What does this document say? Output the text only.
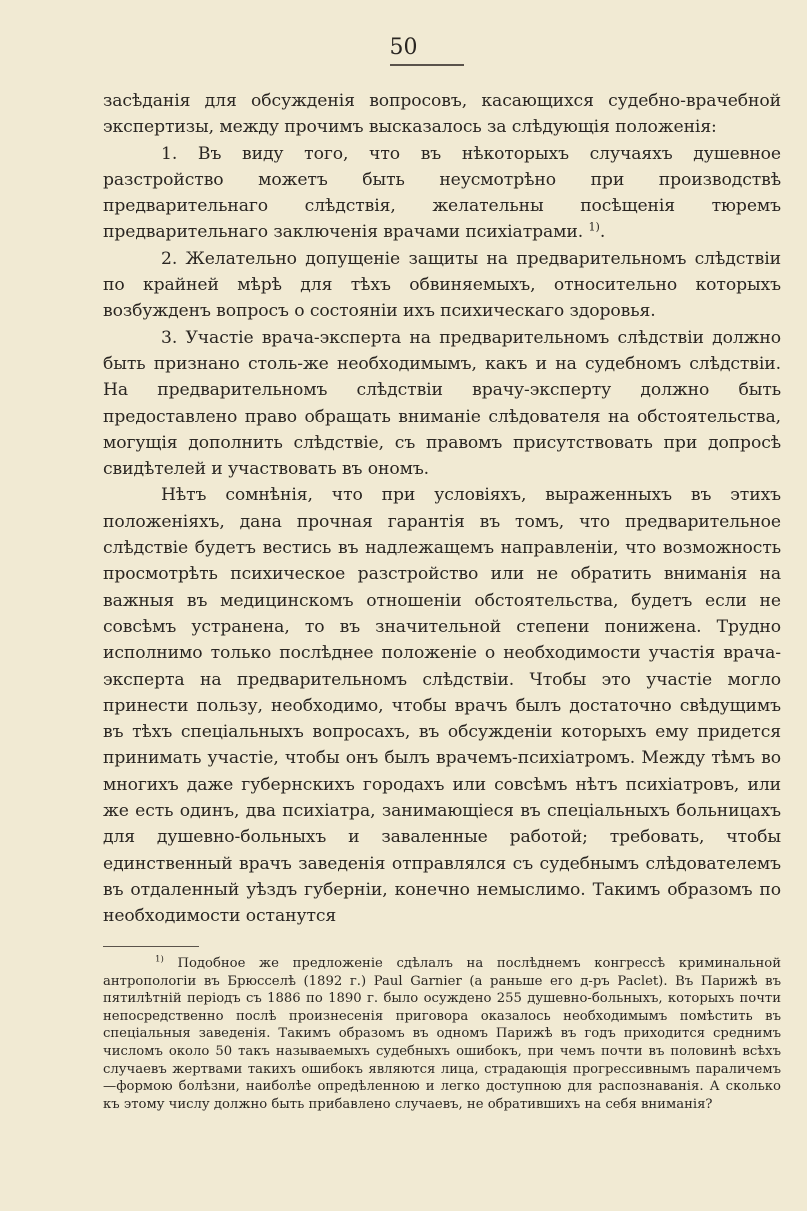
50

засѣданія для обсужденія вопросовъ, касающихся судебно-врачебной экспертизы, между прочимъ высказалось за слѣдующія положенія:

1. Въ виду того, что въ нѣкоторыхъ случаяхъ душевное разстройство можетъ быть неусмотрѣно при производствѣ предварительнаго слѣдствія, желательны посѣщенія тюремъ предварительнаго заключенія врачами психіатрами. $^{1)}$.

2. Желательно допущеніе защиты на предварительномъ слѣдствіи по крайней мѣрѣ для тѣхъ обвиняемыхъ, относительно которыхъ возбужденъ вопросъ о состояніи ихъ психическаго здоровья.

3. Участіе врача-эксперта на предварительномъ слѣдствіи должно быть признано столь-же необходимымъ, какъ и на судебномъ слѣдствіи. На предварительномъ слѣдствіи врачу-эксперту должно быть предоставлено право обращать вниманіе слѣдователя на обстоятельства, могущія дополнить слѣдствіе, съ правомъ присутствовать при допросѣ свидѣтелей и участвовать въ ономъ.

Нѣтъ сомнѣнія, что при условіяхъ, выраженныхъ въ этихъ положеніяхъ, дана прочная гарантія въ томъ, что предварительное слѣдствіе будетъ вестись въ надлежащемъ направленіи, что возможность просмотрѣть психическое разстройство или не обратить вниманія на важныя въ медицинскомъ отношеніи обстоятельства, будетъ если не совсѣмъ устранена, то въ значительной степени понижена. Трудно исполнимо только послѣднее положеніе о необходимости участія врача-эксперта на предварительномъ слѣдствіи. Чтобы это участіе могло принести пользу, необходимо, чтобы врачъ былъ достаточно свѣдущимъ въ тѣхъ спеціальныхъ вопросахъ, въ обсужденіи которыхъ ему придется принимать участіе, чтобы онъ былъ врачемъ-психіатромъ. Между тѣмъ во многихъ даже губернскихъ городахъ или совсѣмъ нѣтъ психіатровъ, или же есть одинъ, два психіатра, занимающіеся въ спеціальныхъ больницахъ для душевно-больныхъ и заваленные работой; требовать, чтобы единственный врачъ заведенія отправлялся съ судебнымъ слѣдователемъ въ отдаленный уѣздъ губерніи, конечно немыслимо. Такимъ образомъ по необходимости останутся

$^{1)}$ Подобное же предложеніе сдѣлалъ на послѣднемъ конгрессѣ криминальной антропологіи въ Брюсселѣ (1892 г.) Paul Garnier (а раньше его д-ръ Paclet). Въ Парижѣ въ пятилѣтній періодъ съ 1886 по 1890 г. было осуждено 255 душевно-больныхъ, которыхъ почти непосредственно послѣ произнесенія приговора оказалось необходимымъ помѣстить въ спеціальныя заведенія. Такимъ образомъ въ одномъ Парижѣ въ годъ приходится среднимъ числомъ около 50 такъ называемыхъ судебныхъ ошибокъ, при чемъ почти въ половинѣ всѣхъ случаевъ жертвами такихъ ошибокъ являются лица, страдающія прогрессивнымъ параличемъ—формою болѣзни, наиболѣе опредѣленною и легко доступною для распознаванія. А сколько къ этому числу должно быть прибавлено случаевъ, не обратившихъ на себя вниманія?
